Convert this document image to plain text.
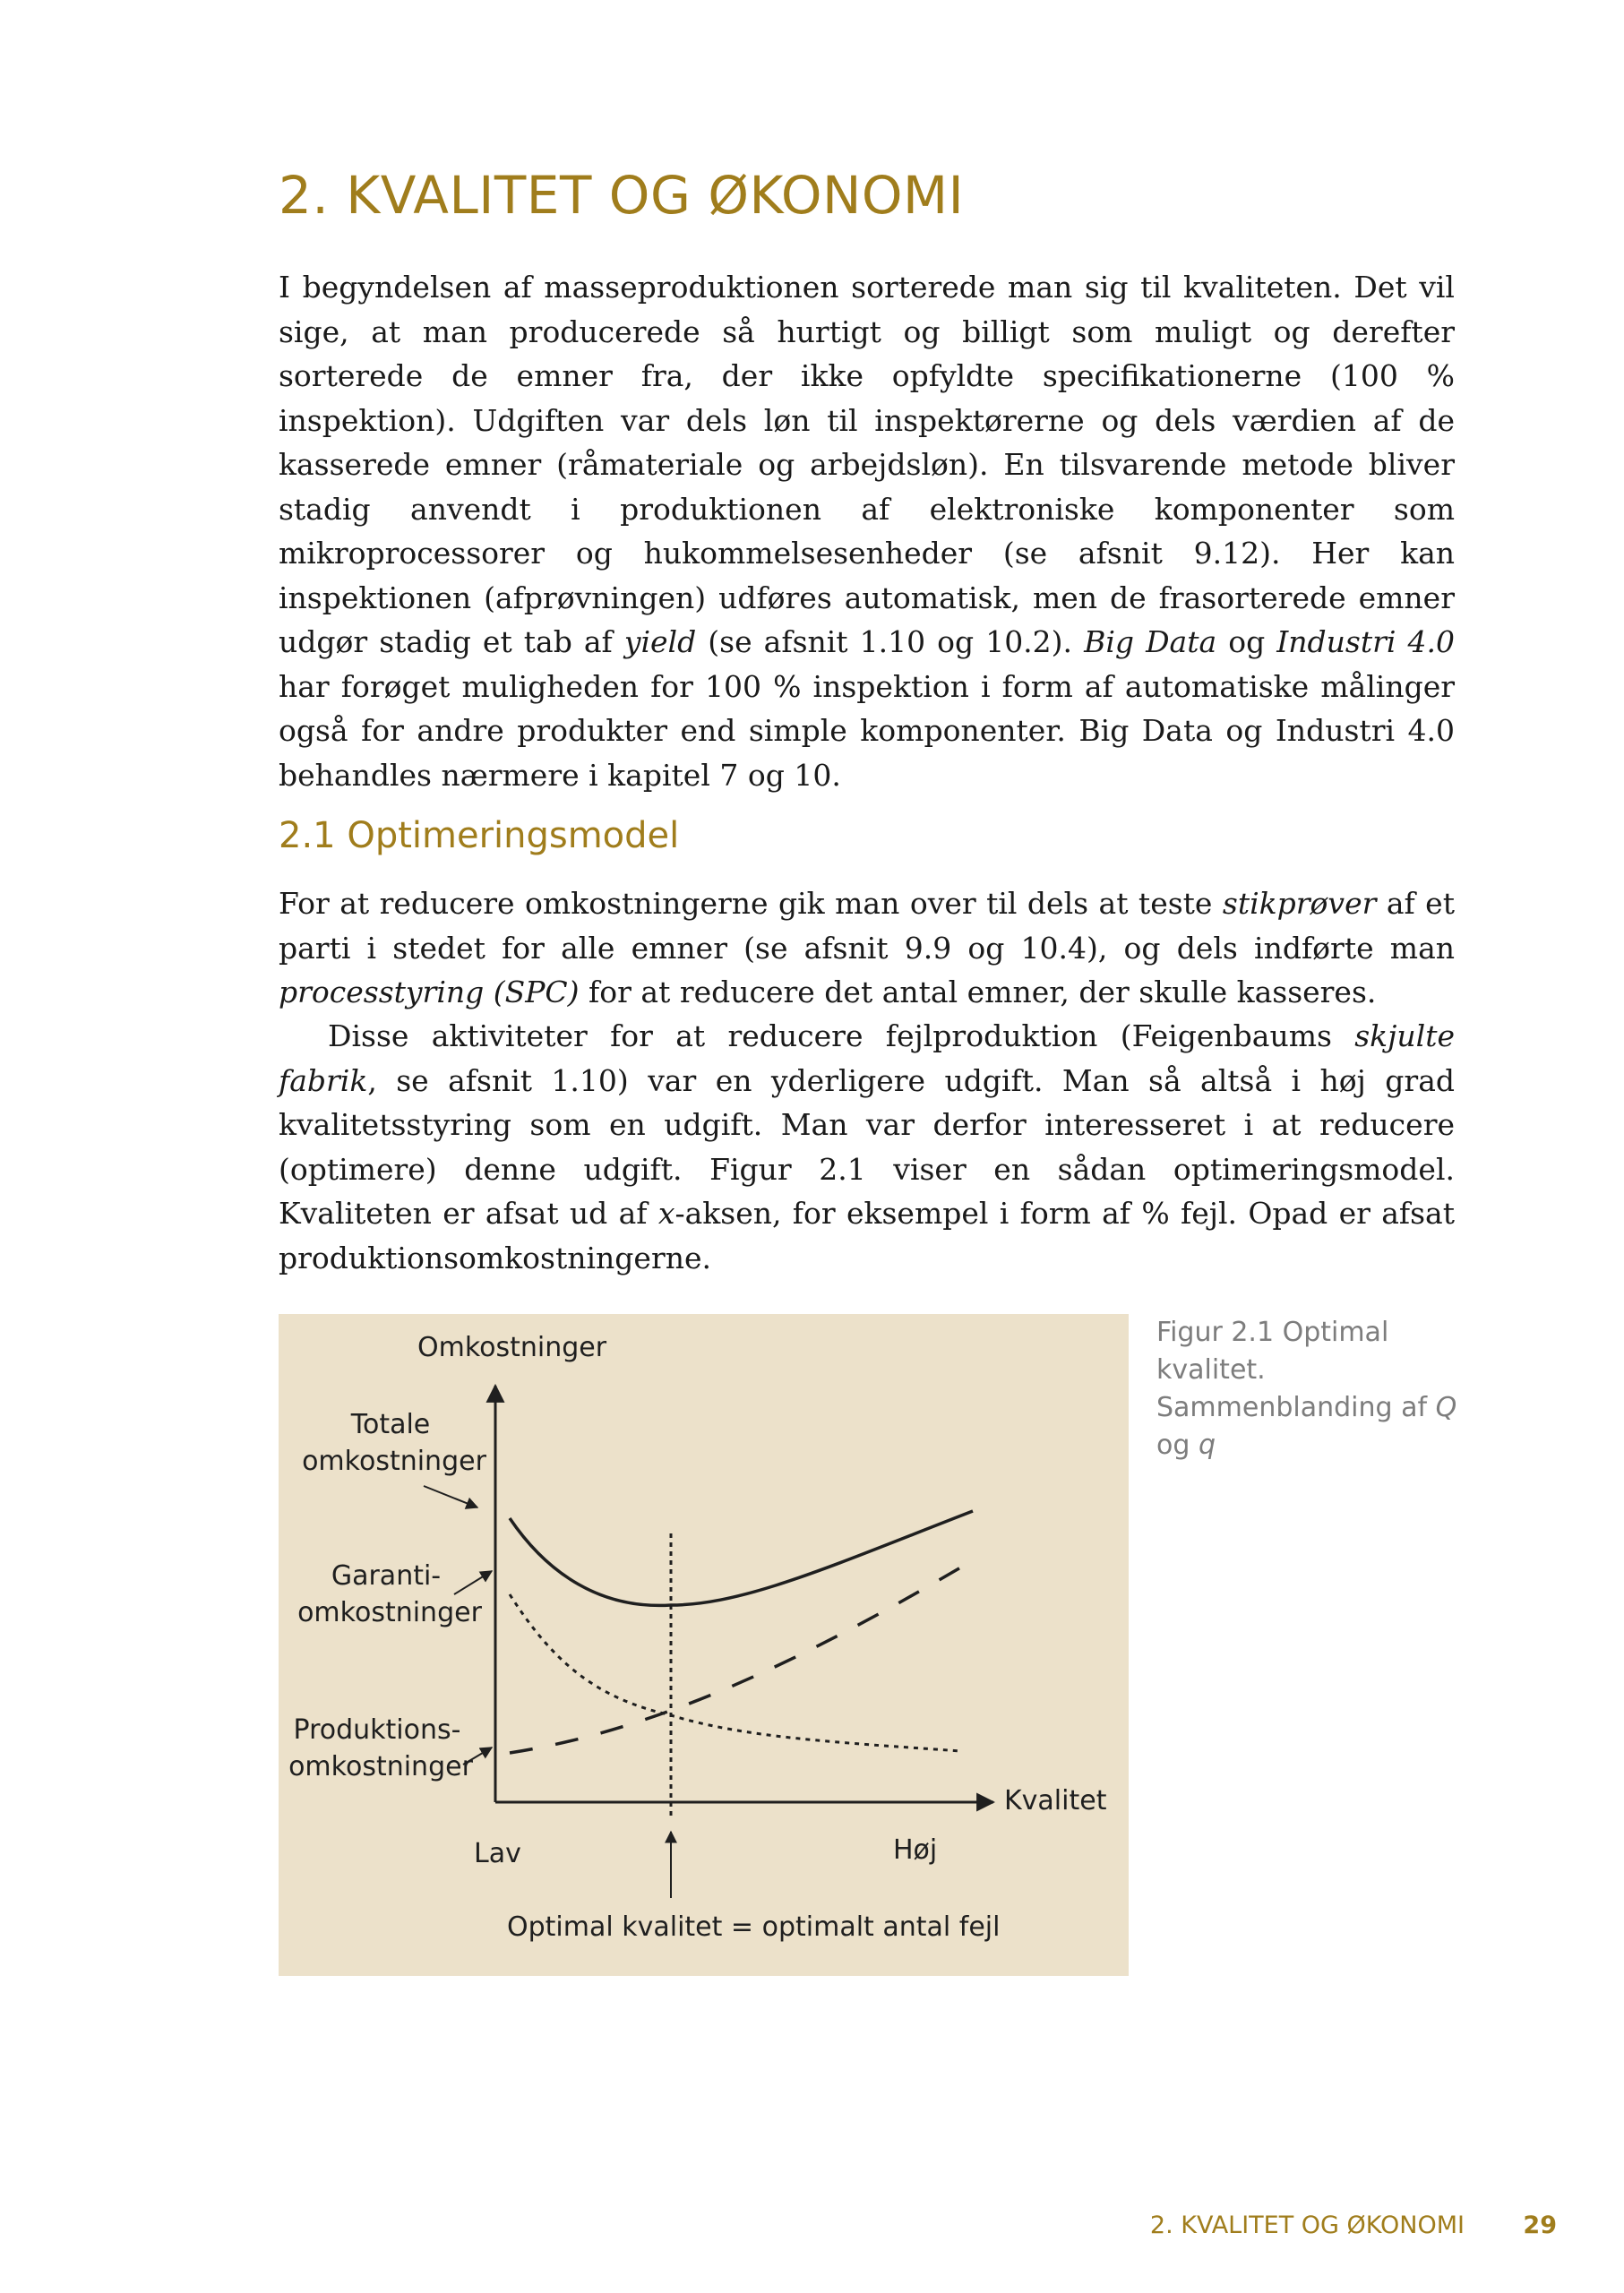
2. KVALITET OG ØKONOMI

I begyndelsen af masseproduktionen sorterede man sig til kvaliteten. Det vil sige, at man producerede så hurtigt og billigt som muligt og derefter sorterede de emner fra, der ikke opfyldte specifikationerne (100 % inspektion). Udgiften var dels løn til inspektørerne og dels værdien af de kasserede emner (råmateriale og arbejdsløn). En tilsvarende metode bliver stadig anvendt i produktionen af elektroniske komponenter som mikroprocessorer og hukommelsesenheder (se afsnit 9.12). Her kan inspektionen (afprøvningen) udføres automatisk, men de frasorterede emner udgør stadig et tab af yield (se afsnit 1.10 og 10.2). Big Data og Industri 4.0 har forøget muligheden for 100 % inspektion i form af automatiske målinger også for andre produkter end simple komponenter. Big Data og Industri 4.0 behandles nærmere i kapitel 7 og 10.

2.1 Optimeringsmodel

For at reducere omkostningerne gik man over til dels at teste stikprøver af et parti i stedet for alle emner (se afsnit 9.9 og 10.4), og dels indførte man processtyring (SPC) for at reducere det antal emner, der skulle kasseres.

Disse aktiviteter for at reducere fejlproduktion (Feigenbaums skjulte fabrik, se afsnit 1.10) var en yderligere udgift. Man så altså i høj grad kvalitetsstyring som en udgift. Man var derfor interesseret i at reducere (optimere) denne udgift. Figur 2.1 viser en sådan optimeringsmodel. Kvaliteten er afsat ud af x-aksen, for eksempel i form af % fejl. Opad er afsat produktionsomkostningerne.

Omkostninger
Kvalitet
Totale
omkostninger
Garanti-
omkostninger
Produktions-
omkostninger
Lav	Høj
Optimal kvalitet = optimalt antal fejl

Figur 2.1 Optimal kvalitet. Sammenblanding af Q og q

2. KVALITET OG ØKONOMI 29
